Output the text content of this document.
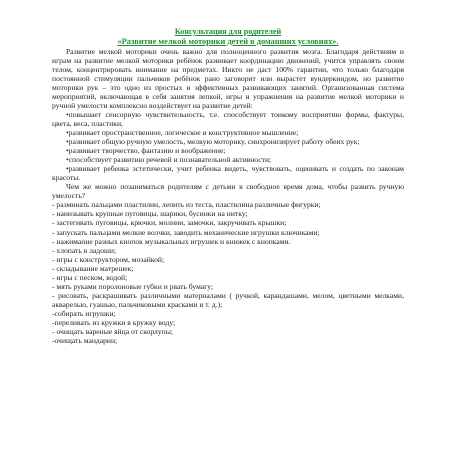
Консультация для родителей
«Развитие мелкой моторики детей в домашних условиях».
Развитие мелкой моторики очень важно для полноценного развития мозга. Благодаря действиям и играм на развитие мелкой моторики ребёнок развивает координацию движений, учится управлять своим телом, концентрировать внимание на предметах. Никто не даст 100% гарантии, что только благодаря постоянной стимуляции пальчиков ребёнок рано заговорит или вырастет вундеркиндом, но развитие моторики рук – это одно из простых и эффективных развивающих занятий. Организованная система мероприятий, включающая в себя занятия лепкой, игры и упражнения на развитие мелкой моторики и ручной умелости комплексно воздействует на развитие детей:
•повышает сенсорную чувствительность, т.е. способствует тонкому восприятию формы, фактуры, цвета, веса, пластики,
•развивает пространственное, логическое и конструктивное мышление;
•развивает общую ручную умелость, мелкую моторику, синхронизирует работу обеих рук;
•развивает творчество, фантазию и воображение;
•способствует развитию речевой и познавательной активности;
•развивает ребенка эстетически, учит ребенка видеть, чувствовать, оценивать и создать по законам красоты.
Чем же можно позаниматься родителям с детьми в свободное время дома, чтобы развить ручную умелость?
- разминать пальцами пластилин, лепить из теста, пластилина различные фигурки;
- нанизывать крупные пуговицы, шарики, бусинки на нитку;
- застегивать пуговицы, крючки, молнии, замочки, закручивать крышки;
- запускать пальцами мелкие волчки, заводить механические игрушки ключиками;
- нажимание разных кнопок музыкальных игрушек и книжек с кнопками.
- хлопать в ладоши;
- игры с конструктором, мозайкой;
- складывание матрешек;
- игры с песком, водой;
- мять руками поролоновые губки и рвать бумагу;
- рисовать, раскрашивать различными материалами ( ручкой, карандашами, мелом, цветными мелками, акварелью, гуашью, пальчиковыми красками и т. д.);
-собирать игрушки;
-переливать из кружки в кружку воду;
- очищать вареные яйца от скорлупы;
-очищать мандарин;
